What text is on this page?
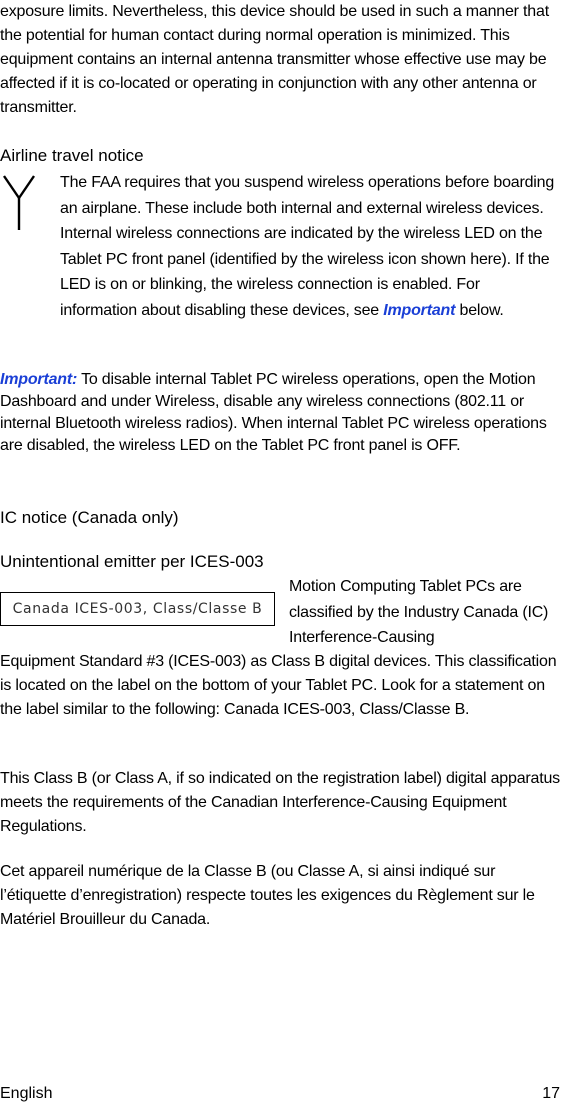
exposure limits. Nevertheless, this device should be used in such a manner that the potential for human contact during normal operation is minimized. This equipment contains an internal antenna transmitter whose effective use may be affected if it is co-located or operating in conjunction with any other antenna or transmitter.

Airline travel notice

The FAA requires that you suspend wireless operations before boarding an airplane. These include both internal and external wireless devices. Internal wireless connections are indicated by the wireless LED on the Tablet PC front panel (identified by the wireless icon shown here). If the LED is on or blinking, the wireless connection is enabled. For information about disabling these devices, see Important below.

Important: To disable internal Tablet PC wireless operations, open the Motion Dashboard and under Wireless, disable any wireless connections (802.11 or internal Bluetooth wireless radios). When internal Tablet PC wireless operations are disabled, the wireless LED on the Tablet PC front panel is OFF.

IC notice (Canada only)
Unintentional emitter per ICES-003
Canada ICES-003, Class/Classe B

Motion Computing Tablet PCs are classified by the Industry Canada (IC) Interference-Causing

Equipment Standard #3 (ICES-003) as Class B digital devices. This classification is located on the label on the bottom of your Tablet PC. Look for a statement on the label similar to the following: Canada ICES-003, Class/Classe B.

This Class B (or Class A, if so indicated on the registration label) digital apparatus meets the requirements of the Canadian Interference-Causing Equipment Regulations.

Cet appareil numérique de la Classe B (ou Classe A, si ainsi indiqué sur l’étiquette d’enregistration) respecte toutes les exigences du Règlement sur le Matériel Brouilleur du Canada.

English	17
